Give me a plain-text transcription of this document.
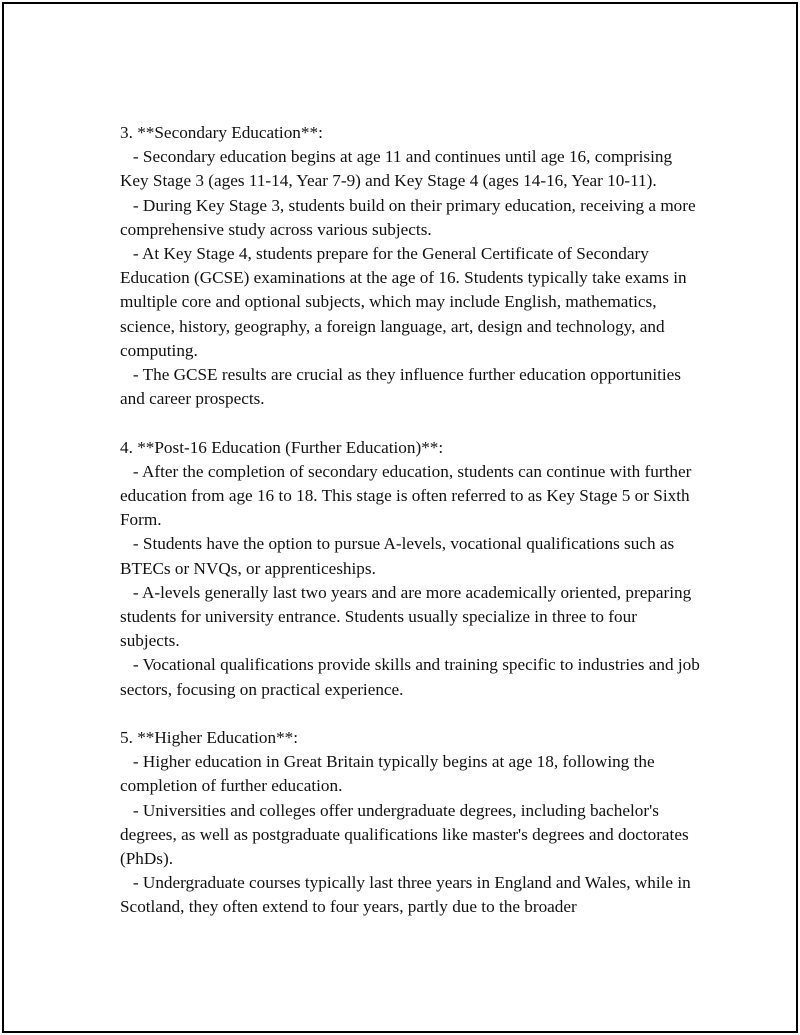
3. **Secondary Education**:

- Secondary education begins at age 11 and continues until age 16, comprising Key Stage 3 (ages 11-14, Year 7-9) and Key Stage 4 (ages 14-16, Year 10-11).

- During Key Stage 3, students build on their primary education, receiving a more comprehensive study across various subjects.

- At Key Stage 4, students prepare for the General Certificate of Secondary Education (GCSE) examinations at the age of 16. Students typically take exams in multiple core and optional subjects, which may include English, mathematics, science, history, geography, a foreign language, art, design and technology, and computing.

- The GCSE results are crucial as they influence further education opportunities and career prospects.

4. **Post-16 Education (Further Education)**:

- After the completion of secondary education, students can continue with further education from age 16 to 18. This stage is often referred to as Key Stage 5 or Sixth Form.

- Students have the option to pursue A-levels, vocational qualifications such as BTECs or NVQs, or apprenticeships.

- A-levels generally last two years and are more academically oriented, preparing students for university entrance. Students usually specialize in three to four subjects.

- Vocational qualifications provide skills and training specific to industries and job sectors, focusing on practical experience.

5. **Higher Education**:

- Higher education in Great Britain typically begins at age 18, following the completion of further education.

- Universities and colleges offer undergraduate degrees, including bachelor's degrees, as well as postgraduate qualifications like master's degrees and doctorates (PhDs).

- Undergraduate courses typically last three years in England and Wales, while in Scotland, they often extend to four years, partly due to the broader
